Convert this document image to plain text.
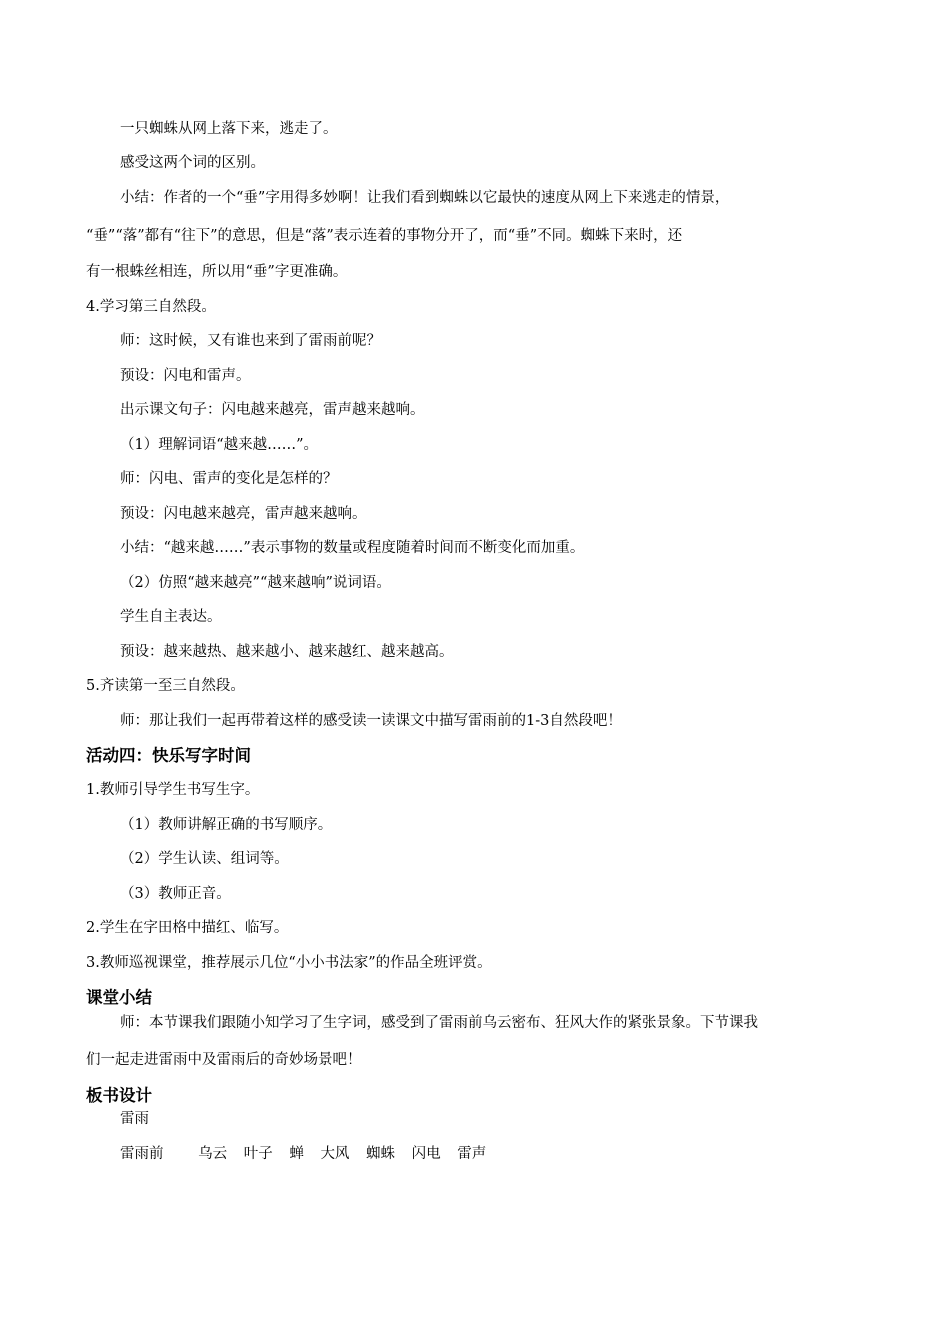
一只蜘蛛从网上落下来，逃走了。
感受这两个词的区别。
小结：作者的一个“垂”字用得多妙啊！让我们看到蜘蛛以它最快的速度从网上下来逃走的情景，
“垂”“落”都有“往下”的意思，但是“落”表示连着的事物分开了，而“垂”不同。蜘蛛下来时，还
有一根蛛丝相连，所以用“垂”字更准确。
4.学习第三自然段。
师：这时候，又有谁也来到了雷雨前呢？
预设：闪电和雷声。
出示课文句子：闪电越来越亮，雷声越来越响。
（1）理解词语“越来越……”。
师：闪电、雷声的变化是怎样的？
预设：闪电越来越亮，雷声越来越响。
小结：“越来越……”表示事物的数量或程度随着时间而不断变化而加重。
（2）仿照“越来越亮”“越来越响”说词语。
学生自主表达。
预设：越来越热、越来越小、越来越红、越来越高。
5.齐读第一至三自然段。
师：那让我们一起再带着这样的感受读一读课文中描写雷雨前的1-3自然段吧！
活动四：快乐写字时间
1.教师引导学生书写生字。
（1）教师讲解正确的书写顺序。
（2）学生认读、组词等。
（3）教师正音。
2.学生在字田格中描红、临写。
3.教师巡视课堂，推荐展示几位“小小书法家”的作品全班评赏。
课堂小结
师：本节课我们跟随小知学习了生字词，感受到了雷雨前乌云密布、狂风大作的紧张景象。下节课我
们一起走进雷雨中及雷雨后的奇妙场景吧！
板书设计
雷雨
雷雨前 乌云 叶子 蝉 大风 蜘蛛 闪电 雷声
